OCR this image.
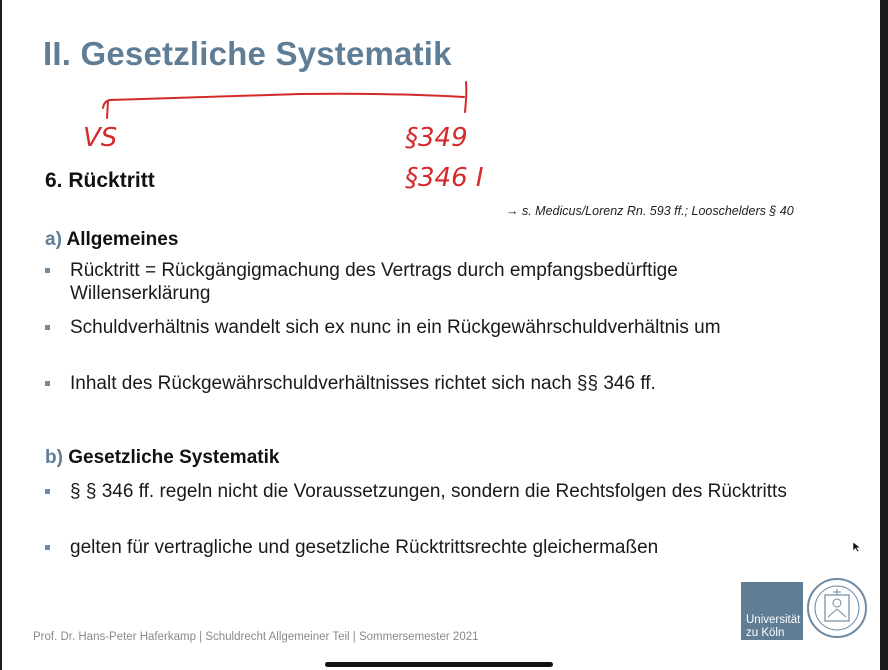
II. Gesetzliche Systematik
VS	§349
§346 I
6. Rücktritt
→ s. Medicus/Lorenz Rn. 593 ff.; Looschelders § 40
a) Allgemeines
Rücktritt = Rückgängigmachung des Vertrags durch empfangsbedürftige Willenserklärung
Schuldverhältnis wandelt sich ex nunc in ein Rückgewährschuldverhältnis um
Inhalt des Rückgewährschuldverhältnisses richtet sich nach §§ 346 ff.
b) Gesetzliche Systematik
§ § 346 ff. regeln nicht die Voraussetzungen, sondern die Rechtsfolgen des Rücktritts
gelten für vertragliche und gesetzliche Rücktrittsrechte gleichermaßen
Prof. Dr. Hans-Peter Haferkamp | Schuldrecht Allgemeiner Teil | Sommersemester 2021
Universität
zu Köln
